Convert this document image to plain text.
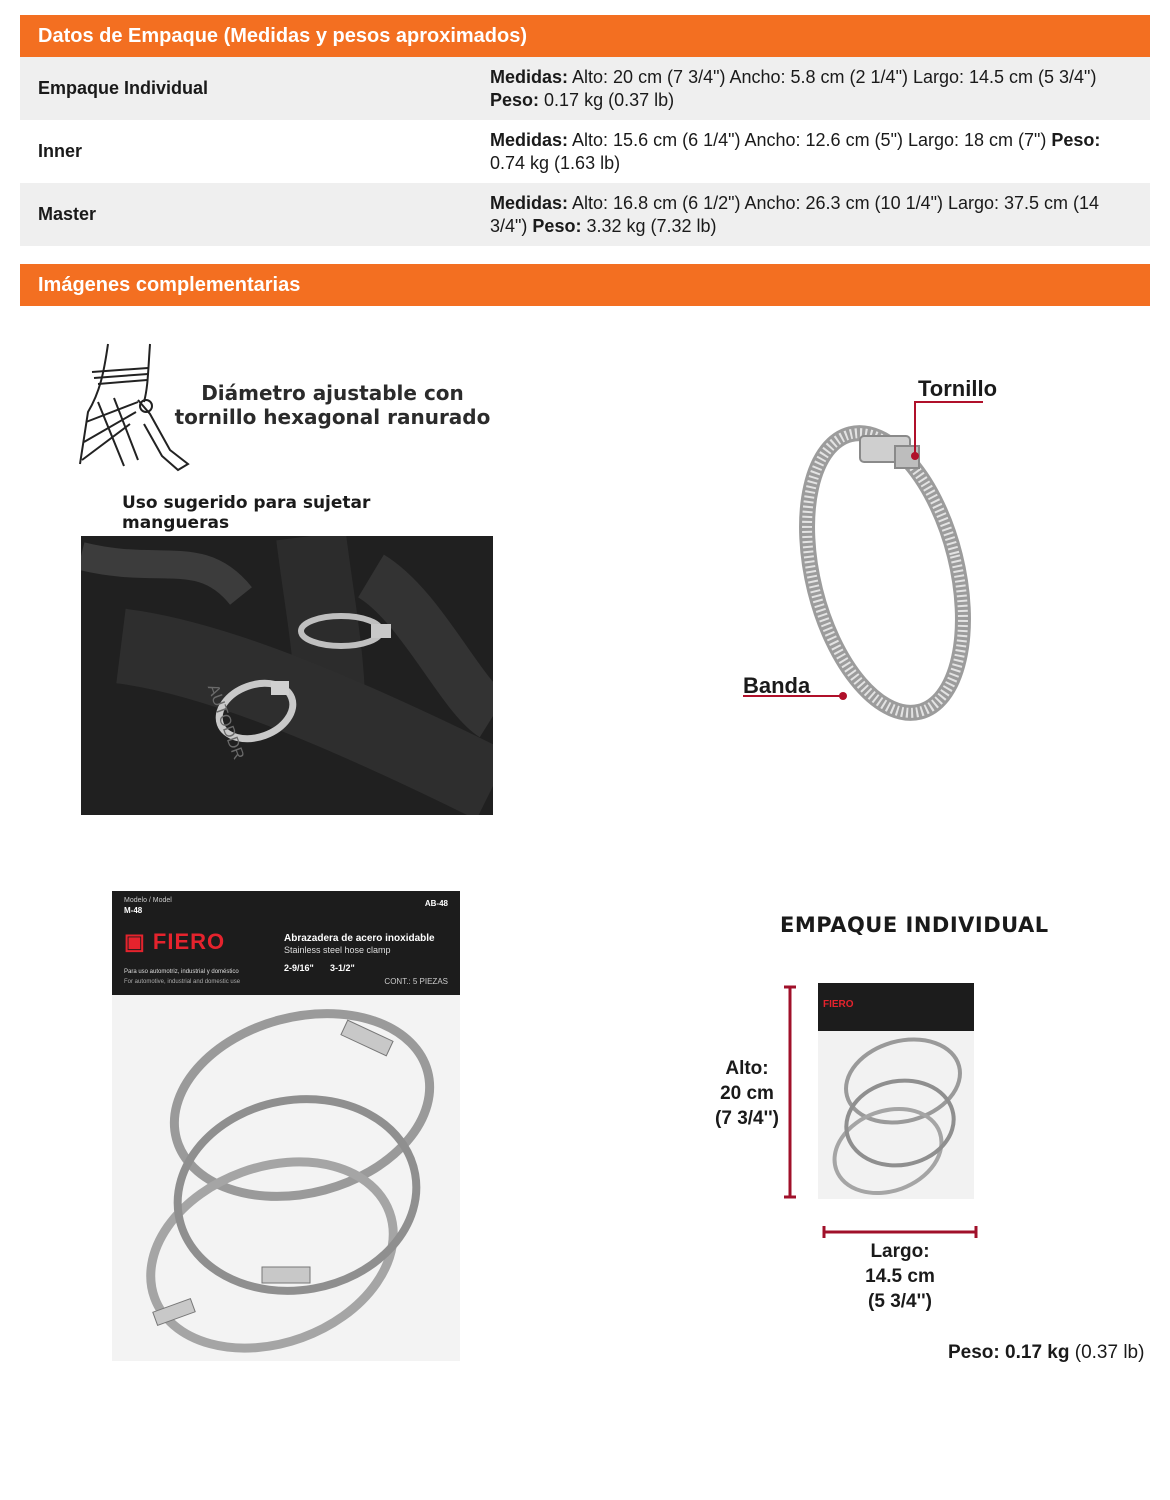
Datos de Empaque (Medidas y pesos aproximados)
Empaque Individual
Medidas: Alto: 20 cm (7 3/4") Ancho: 5.8 cm (2 1/4") Largo: 14.5 cm (5 3/4") Peso: 0.17 kg (0.37 lb)
Inner
Medidas: Alto: 15.6 cm (6 1/4") Ancho: 12.6 cm (5") Largo: 18 cm (7") Peso: 0.74 kg (1.63 lb)
Master
Medidas: Alto: 16.8 cm (6 1/2") Ancho: 26.3 cm (10 1/4") Largo: 37.5 cm (14 3/4") Peso: 3.32 kg (7.32 lb)
Imágenes complementarias
Diámetro ajustable con tornillo hexagonal ranurado
Uso sugerido para sujetar mangueras
AUTODDR
Tornillo
Banda
Modelo / Model
M-48
AB-48
▣ FIERO	Abrazadera de acero inoxidable
Stainless steel hose clamp
2-9/16" 3-1/2"
Para uso automotriz, industrial y doméstico
For automotive, industrial and domestic use	CONT.: 5 PIEZAS
EMPAQUE INDIVIDUAL
FIERO
Alto:
20 cm
(7 3/4'')
Largo:
14.5 cm
(5 3/4'')
Peso: 0.17 kg (0.37 lb)
